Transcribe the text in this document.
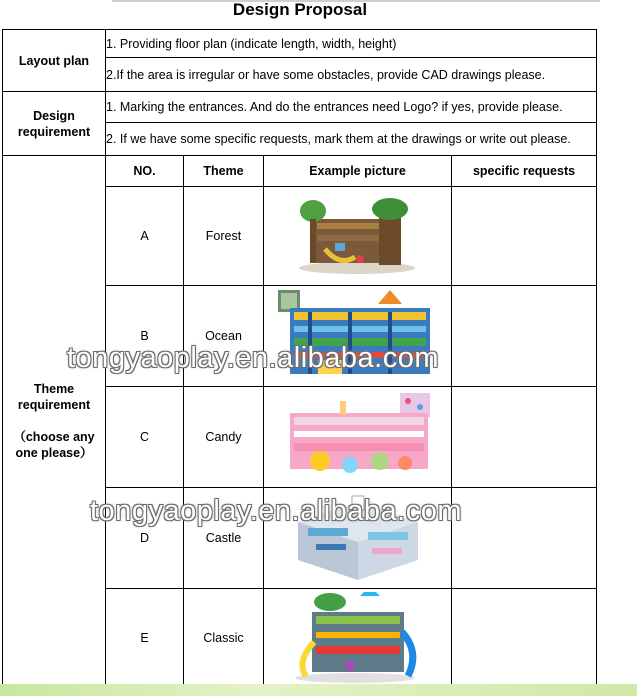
Design Proposal
Layout plan	1. Providing floor plan (indicate length, width, height)			
	2.If the area is irregular or have some obstacles, provide CAD drawings please.			

Design
requirement	1. Marking the entrances. And do the entrances need Logo? if yes, provide please.			
	2. If we have some specific requests, mark them at the drawings or write out please.			

Theme
requirement
（choose any
one please）	NO.	Theme	Example picture	specific requests
	A	Forest	

	B	Ocean	

	C	Candy	

	D	Castle	

	E	Classic	

tongyaoplay.en.alibaba.com
tongyaoplay.en.alibaba.com
